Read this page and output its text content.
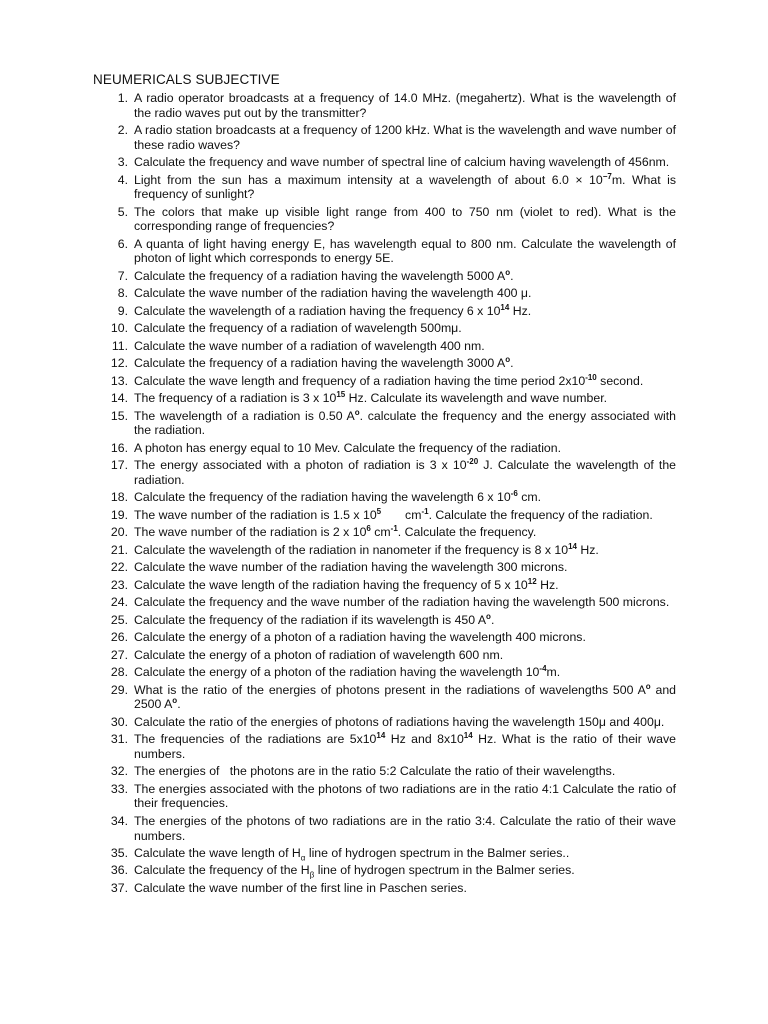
NEUMERICALS SUBJECTIVE
1. A radio operator broadcasts at a frequency of 14.0 MHz. (megahertz). What is the wavelength of the radio waves put out by the transmitter?
2. A radio station broadcasts at a frequency of 1200 kHz. What is the wavelength and wave number of these radio waves?
3. Calculate the frequency and wave number of spectral line of calcium having wavelength of 456nm.
4. Light from the sun has a maximum intensity at a wavelength of about $6.0 \times 10^{-7}m$. What is frequency of sunlight?
5. The colors that make up visible light range from 400 to 750 nm (violet to red). What is the corresponding range of frequencies?
6. A quanta of light having energy E, has wavelength equal to 800 nm. Calculate the wavelength of photon of light which corresponds to energy 5E.
7. Calculate the frequency of a radiation having the wavelength 5000 $A^o$.
8. Calculate the wave number of the radiation having the wavelength 400 μ.
9. Calculate the wavelength of a radiation having the frequency 6 x $10^{14}$ Hz.
10. Calculate the frequency of a radiation of wavelength 500mμ.
11. Calculate the wave number of a radiation of wavelength 400 nm.
12. Calculate the frequency of a radiation having the wavelength 3000 $A^o$.
13. Calculate the wave length and frequency of a radiation having the time period $2x10^{-10}$ second.
14. The frequency of a radiation is 3 x $10^{15}$ Hz. Calculate its wavelength and wave number.
15. The wavelength of a radiation is 0.50 $A^o$. calculate the frequency and the energy associated with the radiation.
16. A photon has energy equal to 10 Mev. Calculate the frequency of the radiation.
17. The energy associated with a photon of radiation is 3 x $10^{-20}$ J. Calculate the wavelength of the radiation.
18. Calculate the frequency of the radiation having the wavelength 6 x $10^{-6}$ cm.
19. The wave number of the radiation is 1.5 x $10^5$       $cm^{-1}$. Calculate the frequency of the radiation.
20. The wave number of the radiation is 2 x $10^6$ $cm^{-1}$. Calculate the frequency.
21. Calculate the wavelength of the radiation in nanometer if the frequency is 8 x $10^{14}$ Hz.
22. Calculate the wave number of the radiation having the wavelength 300 microns.
23. Calculate the wave length of the radiation having the frequency of 5 x $10^{12}$ Hz.
24. Calculate the frequency and the wave number of the radiation having the wavelength 500 microns.
25. Calculate the frequency of the radiation if its wavelength is 450 $A^o$.
26. Calculate the energy of a photon of a radiation having the wavelength 400 microns.
27. Calculate the energy of a photon of radiation of wavelength 600 nm.
28. Calculate the energy of a photon of the radiation having the wavelength $10^{-4}m$.
29. What is the ratio of the energies of photons present in the radiations of wavelengths 500 $A^o$ and 2500 $A^o$.
30. Calculate the ratio of the energies of photons of radiations having the wavelength 150μ and 400μ.
31. The frequencies of the radiations are $5x10^{14}$ Hz and $8x10^{14}$ Hz. What is the ratio of their wave numbers.
32. The energies of   the photons are in the ratio 5:2 Calculate the ratio of their wavelengths.
33. The energies associated with the photons of two radiations are in the ratio 4:1 Calculate the ratio of their frequencies.
34. The energies of the photons of two radiations are in the ratio 3:4. Calculate the ratio of their wave numbers.
35. Calculate the wave length of $H_\alpha$ line of hydrogen spectrum in the Balmer series..
36. Calculate the frequency of the $H_\beta$ line of hydrogen spectrum in the Balmer series.
37. Calculate the wave number of the first line in Paschen series.
